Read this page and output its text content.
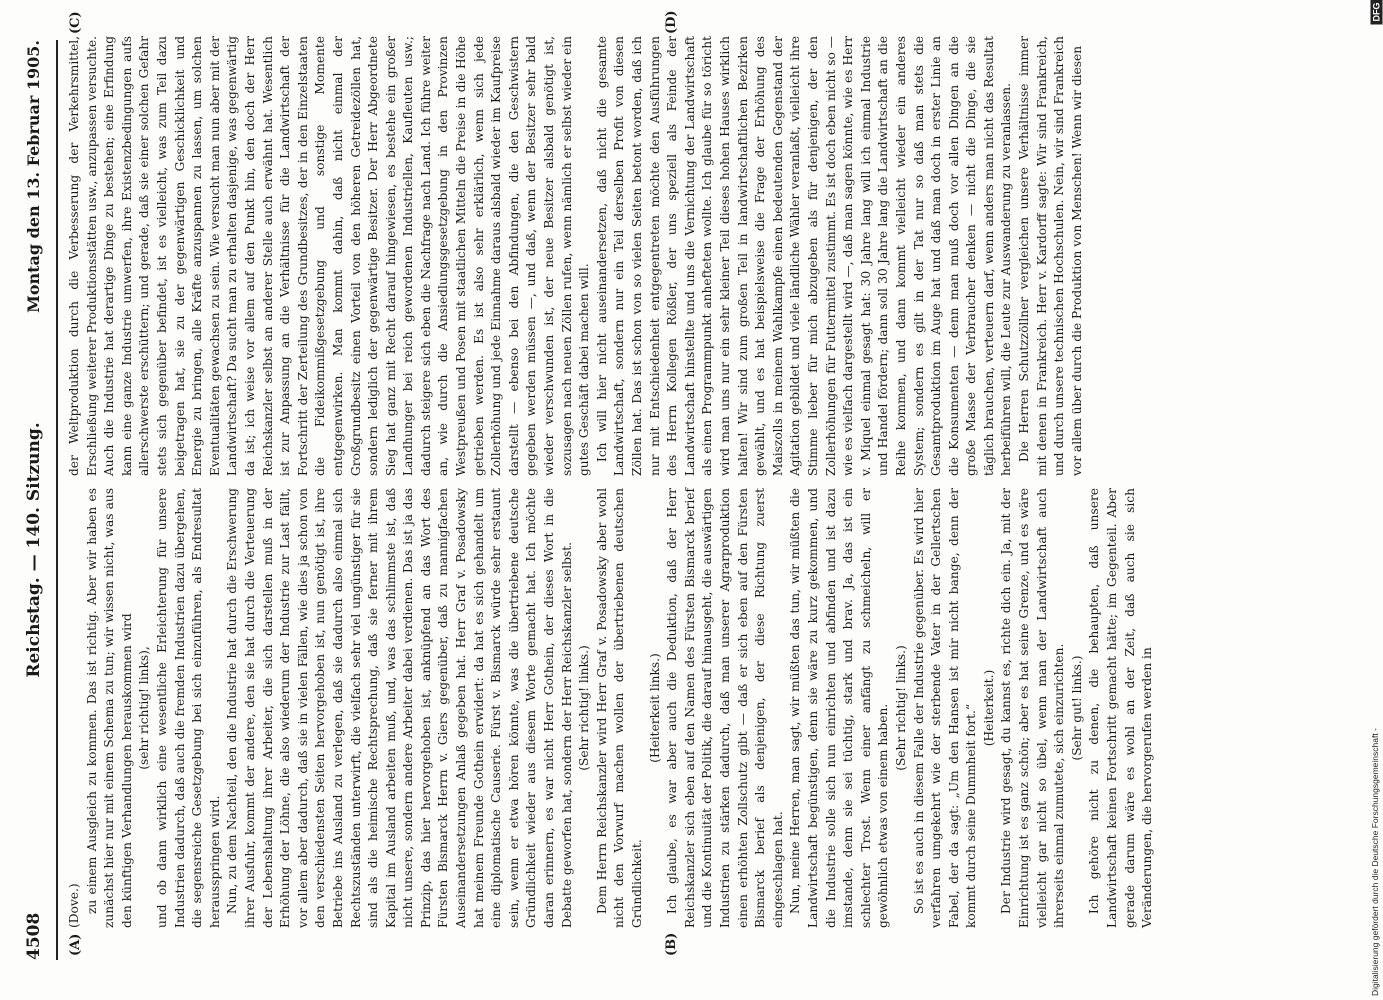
4508
Reichstag. — 140. Sitzung.
Montag den 13. Februar 1905.
(A)	(B)
(C)	(D)

(Dove.) zu einem Ausgleich zu kommen. Das ist richtig. Aber wir haben es zunächst hier nur mit einem Schema zu tun; wir wissen nicht, was aus den künftigen Verhandlungen herauskommen wird (sehr richtig! links), und ob dann wirklich eine wesentliche Erleichterung für unsere Industrien dadurch, daß auch die fremden Industrien dazu übergehen, die segensreiche Gesetzgebung bei sich einzuführen, als Endresultat herausspringen wird. Nun, zu dem Nachteil, den die Industrie hat durch die Erschwerung ihrer Ausfuhr, kommt der andere, den sie hat durch die Verteuerung der Lebenshaltung ihrer Arbeiter, die sich darstellen muß in der Erhöhung der Löhne, die also wiederum der Industrie zur Last fällt, vor allem aber dadurch, daß sie in vielen Fällen, wie dies ja schon von den verschiedensten Seiten hervorgehoben ist, nun genötigt ist, ihre Betriebe ins Ausland zu verlegen, daß sie dadurch also einmal sich Rechtszuständen unterwirft, die vielfach sehr viel ungünstiger für sie sind als die heimische Rechtsprechung, daß sie ferner mit ihrem Kapital im Ausland arbeiten muß, und, was das schlimmste ist, daß nicht unsere, sondern andere Arbeiter dabei verdienen. Das ist ja das Prinzip, das hier hervorgehoben ist, anknüpfend an das Wort des Fürsten Bismarck Herrn v. Giers gegenüber, daß zu mannigfachen Auseinandersetzungen Anlaß gegeben hat. Herr Graf v. Posadowsky hat meinem Freunde Gothein erwidert: da hat es sich gehandelt um eine diplomatische Causerie. Fürst v. Bismarck würde sehr erstaunt sein, wenn er etwa hören könnte, was die übertriebene deutsche Gründlichkeit wieder aus diesem Worte gemacht hat. Ich möchte daran erinnern, es war nicht Herr Gothein, der dieses Wort in die Debatte geworfen hat, sondern der Herr Reichskanzler selbst. (Sehr richtig! links.) Dem Herrn Reichskanzler wird Herr Graf v. Posadowsky aber wohl nicht den Vorwurf machen wollen der übertriebenen deutschen Gründlichkeit.

(Heiterkeit links.) Ich glaube, es war aber auch die Deduktion, daß der Herr Reichskanzler sich eben auf den Namen des Fürsten Bismarck berief und die Kontinuität der Politik, die darauf hinausgeht, die auswärtigen Industrien zu stärken dadurch, daß man unserer Agrarproduktion einen erhöhten Zollschutz gibt — daß er sich eben auf den Fürsten Bismarck berief als denjenigen, der diese Richtung zuerst eingeschlagen hat. Nun, meine Herren, man sagt, wir müßten das tun, wir müßten die Landwirtschaft begünstigen, denn sie wäre zu kurz gekommen, und die Industrie solle sich nun einrichten und abfinden und ist dazu imstande, denn sie sei tüchtig, stark und brav. Ja, das ist ein schlechter Trost. Wenn einer anfängt zu schmeicheln, will er gewöhnlich etwas von einem haben. (Sehr richtig! links.) So ist es auch in diesem Falle der Industrie gegenüber. Es wird hier verfahren umgekehrt wie der sterbende Vater in der Gellertschen Fabel, der da sagt: „Um den Hansen ist mir nicht bange, denn der kommt durch seine Dummheit fort.“ (Heiterkeit.) Der Industrie wird gesagt, du kannst es, richte dich ein. Ja, mit der Einrichtung ist es ganz schön; aber es hat seine Grenze, und es wäre vielleicht gar nicht so übel, wenn man der Landwirtschaft auch ihrerseits einmal zumutete, sich einzurichten. (Sehr gut! links.) Ich gehöre nicht zu denen, die behaupten, daß unsere Landwirtschaft keinen Fortschritt gemacht hätte; im Gegenteil. Aber gerade darum wäre es wohl an der Zeit, daß auch sie sich Veränderungen, die hervorgerufen werden in

der Weltproduktion durch die Verbesserung der Verkehrsmittel, Erschließung weiterer Produktionsstätten usw., anzupassen versuchte. Auch die Industrie hat derartige Dinge zu bestehen; eine Erfindung kann eine ganze Industrie umwerfen, ihre Existenzbedingungen aufs allerschwerste erschüttern; und gerade, daß sie einer solchen Gefahr stets sich gegenüber befindet, ist es vielleicht, was zum Teil dazu beigetragen hat, sie zu der gegenwärtigen Geschicklichkeit und Energie zu bringen, alle Kräfte anzuspannen zu lassen, um solchen Eventualitäten gewachsen zu sein. Wie versucht man nun aber mit der Landwirtschaft? Da sucht man zu erhalten dasjenige, was gegenwärtig da ist; ich weise vor allem auf den Punkt hin, den doch der Herr Reichskanzler selbst an anderer Stelle auch erwähnt hat. Wesentlich ist zur Anpassung an die Verhältnisse für die Landwirtschaft der Fortschritt der Zerteilung des Grundbesitzes, der in den Einzelstaaten die Fideikommißgesetzgebung und sonstige Momente entgegenwirken. Man kommt dahin, daß nicht einmal der Großgrundbesitz einen Vorteil von den höheren Getreidezöllen hat, sondern lediglich der gegenwärtige Besitzer. Der Herr Abgeordnete Sieg hat ganz mit Recht darauf hingewiesen, es bestehe ein großer Landhunger bei reich gewordenen Industriellen, Kaufleuten usw.; dadurch steigere sich eben die Nachfrage nach Land. Ich führe weiter an, wie durch die Ansiedlungsgesetzgebung in den Provinzen Westpreußen und Posen mit staatlichen Mitteln die Preise in die Höhe getrieben werden. Es ist also sehr erklärlich, wenn sich jede Zollerhöhung und jede Einnahme daraus alsbald wieder im Kaufpreise darstellt — ebenso bei den Abfindungen, die den Geschwistern gegeben werden müssen —, und daß, wenn der Besitzer sehr bald wieder verschwunden ist, der neue Besitzer alsbald genötigt ist, sozusagen nach neuen Zöllen rufen, wenn nämlich er selbst wieder ein gutes Geschäft dabei machen will. Ich will hier nicht auseinandersetzen, daß nicht die gesamte Landwirtschaft, sondern nur ein Teil derselben Profit von diesen Zöllen hat. Das ist schon von so vielen Seiten betont worden, daß ich nur mit Entschiedenheit entgegentreten möchte den Ausführungen des Herrn Kollegen Rößler, der uns speziell als Feinde der Landwirtschaft hinstellte und uns die Vernichtung der Landwirtschaft als einen Programmpunkt anhefteten wollte. Ich glaube für so töricht wird man uns nur ein sehr kleiner Teil dieses hohen Hauses wirklich halten! Wir sind zum großen Teil in landwirtschaftlichen Bezirken gewählt, und es hat beispielsweise die Frage der Erhöhung des Maiszolls in meinem Wahlkampfe einen bedeutenden Gegenstand der Agitation gebildet und viele ländliche Wähler veranlaßt, vielleicht ihre Stimme lieber für mich abzugeben als für denjenigen, der den Zollerhöhungen für Futtermittel zustimmt. Es ist doch eben nicht so — wie es vielfach dargestellt wird —, daß man sagen könnte, wie es Herr v. Miquel einmal gesagt hat: 30 Jahre lang will ich einmal Industrie und Handel fördern; dann soll 30 Jahre lang die Landwirtschaft an die Reihe kommen, und dann kommt vielleicht wieder ein anderes System; sondern es gilt in der Tat nur so daß man stets die Gesamtproduktion im Auge hat und daß man doch in erster Linie an die Konsumenten — denn man muß doch vor allen Dingen an die große Masse der Verbraucher denken — nicht die Dinge, die sie täglich brauchen, verteuern darf, wenn anders man nicht das Resultat herbeiführen will, die Leute zur Auswanderung zu veranlassen. Die Herren Schutzzöllner vergleichen unsere Verhältnisse immer mit denen in Frankreich. Herr v. Kardorff sagte: Wir sind Frankreich, und durch unsere technischen Hochschulen. Nein, wir sind Frankreich vor allem über durch die Produktion von Menschen! Wenn wir diesen

Digitalisierung gefördert durch die Deutsche Forschungsgemeinschaft -
DFG
